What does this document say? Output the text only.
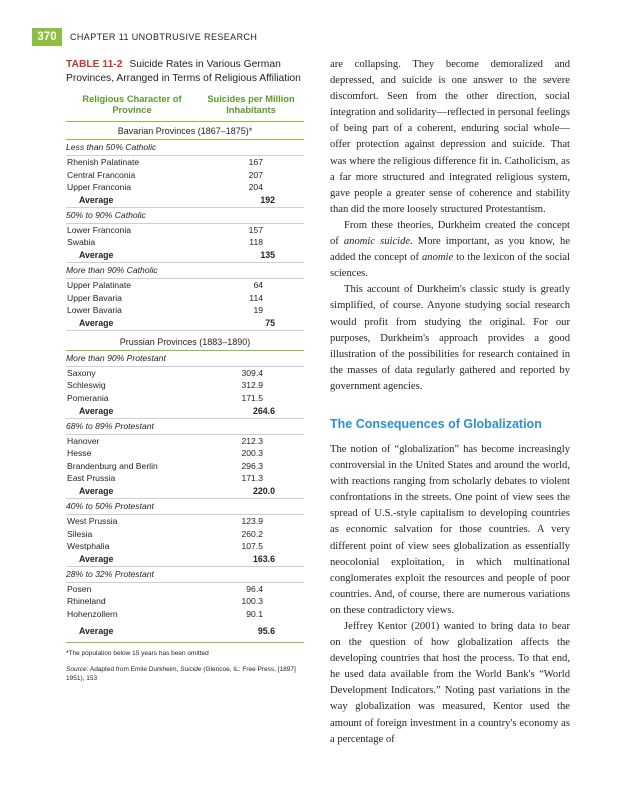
370	CHAPTER 11 UNOBTRUSIVE RESEARCH
TABLE 11-2 Suicide Rates in Various German Provinces, Arranged in Terms of Religious Affiliation
Religious Character of Province
Suicides per Million Inhabitants
Bavarian Provinces (1867–1875)*
Less than 50% Catholic
Rhenish Palatinate	167
Central Franconia	207
Upper Franconia	204
Average	192
50% to 90% Catholic
Lower Franconia	157
Swabia	118
Average	135
More than 90% Catholic
Upper Palatinate	64
Upper Bavaria	114
Lower Bavaria	19
Average	75
Prussian Provinces (1883–1890)
More than 90% Protestant
Saxony	309.4
Schleswig	312.9
Pomerania	171.5
Average	264.6
68% to 89% Protestant
Hanover	212.3
Hesse	200.3
Brandenburg and Berlin	296.3
East Prussia	171.3
Average	220.0
40% to 50% Protestant
West Prussia	123.9
Silesia	260.2
Westphalia	107.5
Average	163.6
28% to 32% Protestant
Posen	96.4
Rhineland	100.3
Hohenzollern	90.1
Average	95.6
*The population below 15 years has been omitted
Source: Adapted from Emile Durkheim, Suicide (Glencoe, IL: Free Press, [1897] 1951), 153

are collapsing. They become demoralized and depressed, and suicide is one answer to the severe discomfort. Seen from the other direction, social integration and solidarity—reflected in personal feelings of being part of a coherent, enduring social whole—offer protection against depression and suicide. That was where the religious difference fit in. Catholicism, as a far more structured and integrated religious system, gave people a greater sense of coherence and stability than did the more loosely structured Protestantism.

From these theories, Durkheim created the concept of anomic suicide. More important, as you know, he added the concept of anomie to the lexicon of the social sciences.

This account of Durkheim's classic study is greatly simplified, of course. Anyone studying social research would profit from studying the original. For our purposes, Durkheim's approach provides a good illustration of the possibilities for research contained in the masses of data regularly gathered and reported by government agencies.

The Consequences of Globalization

The notion of “globalization” has become increasingly controversial in the United States and around the world, with reactions ranging from scholarly debates to violent confrontations in the streets. One point of view sees the spread of U.S.-style capitalism to developing countries as economic salvation for those countries. A very different point of view sees globalization as essentially neocolonial exploitation, in which multinational conglomerates exploit the resources and people of poor countries. And, of course, there are numerous variations on these contradictory views.

Jeffrey Kentor (2001) wanted to bring data to bear on the question of how globalization affects the developing countries that host the process. To that end, he used data available from the World Bank's “World Development Indicators.” Noting past variations in the way globalization was measured, Kentor used the amount of foreign investment in a country's economy as a percentage of
